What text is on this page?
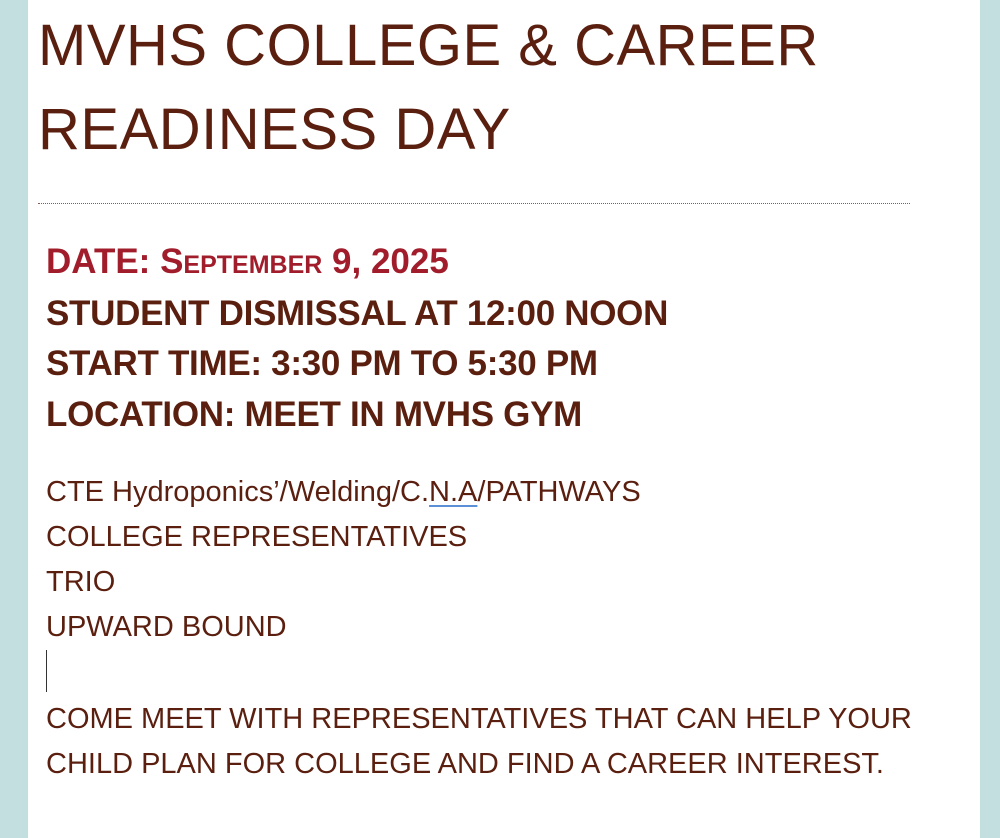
MVHS COLLEGE & CAREER
READINESS DAY
DATE: September 9, 2025
STUDENT DISMISSAL AT 12:00 NOON
START TIME: 3:30 PM TO 5:30 PM
LOCATION: MEET IN MVHS GYM
CTE Hydroponics’/Welding/C.N.A/PATHWAYS
COLLEGE REPRESENTATIVES
TRIO
UPWARD BOUND
COME MEET WITH REPRESENTATIVES THAT CAN HELP YOUR CHILD PLAN FOR COLLEGE AND FIND A CAREER INTEREST.
